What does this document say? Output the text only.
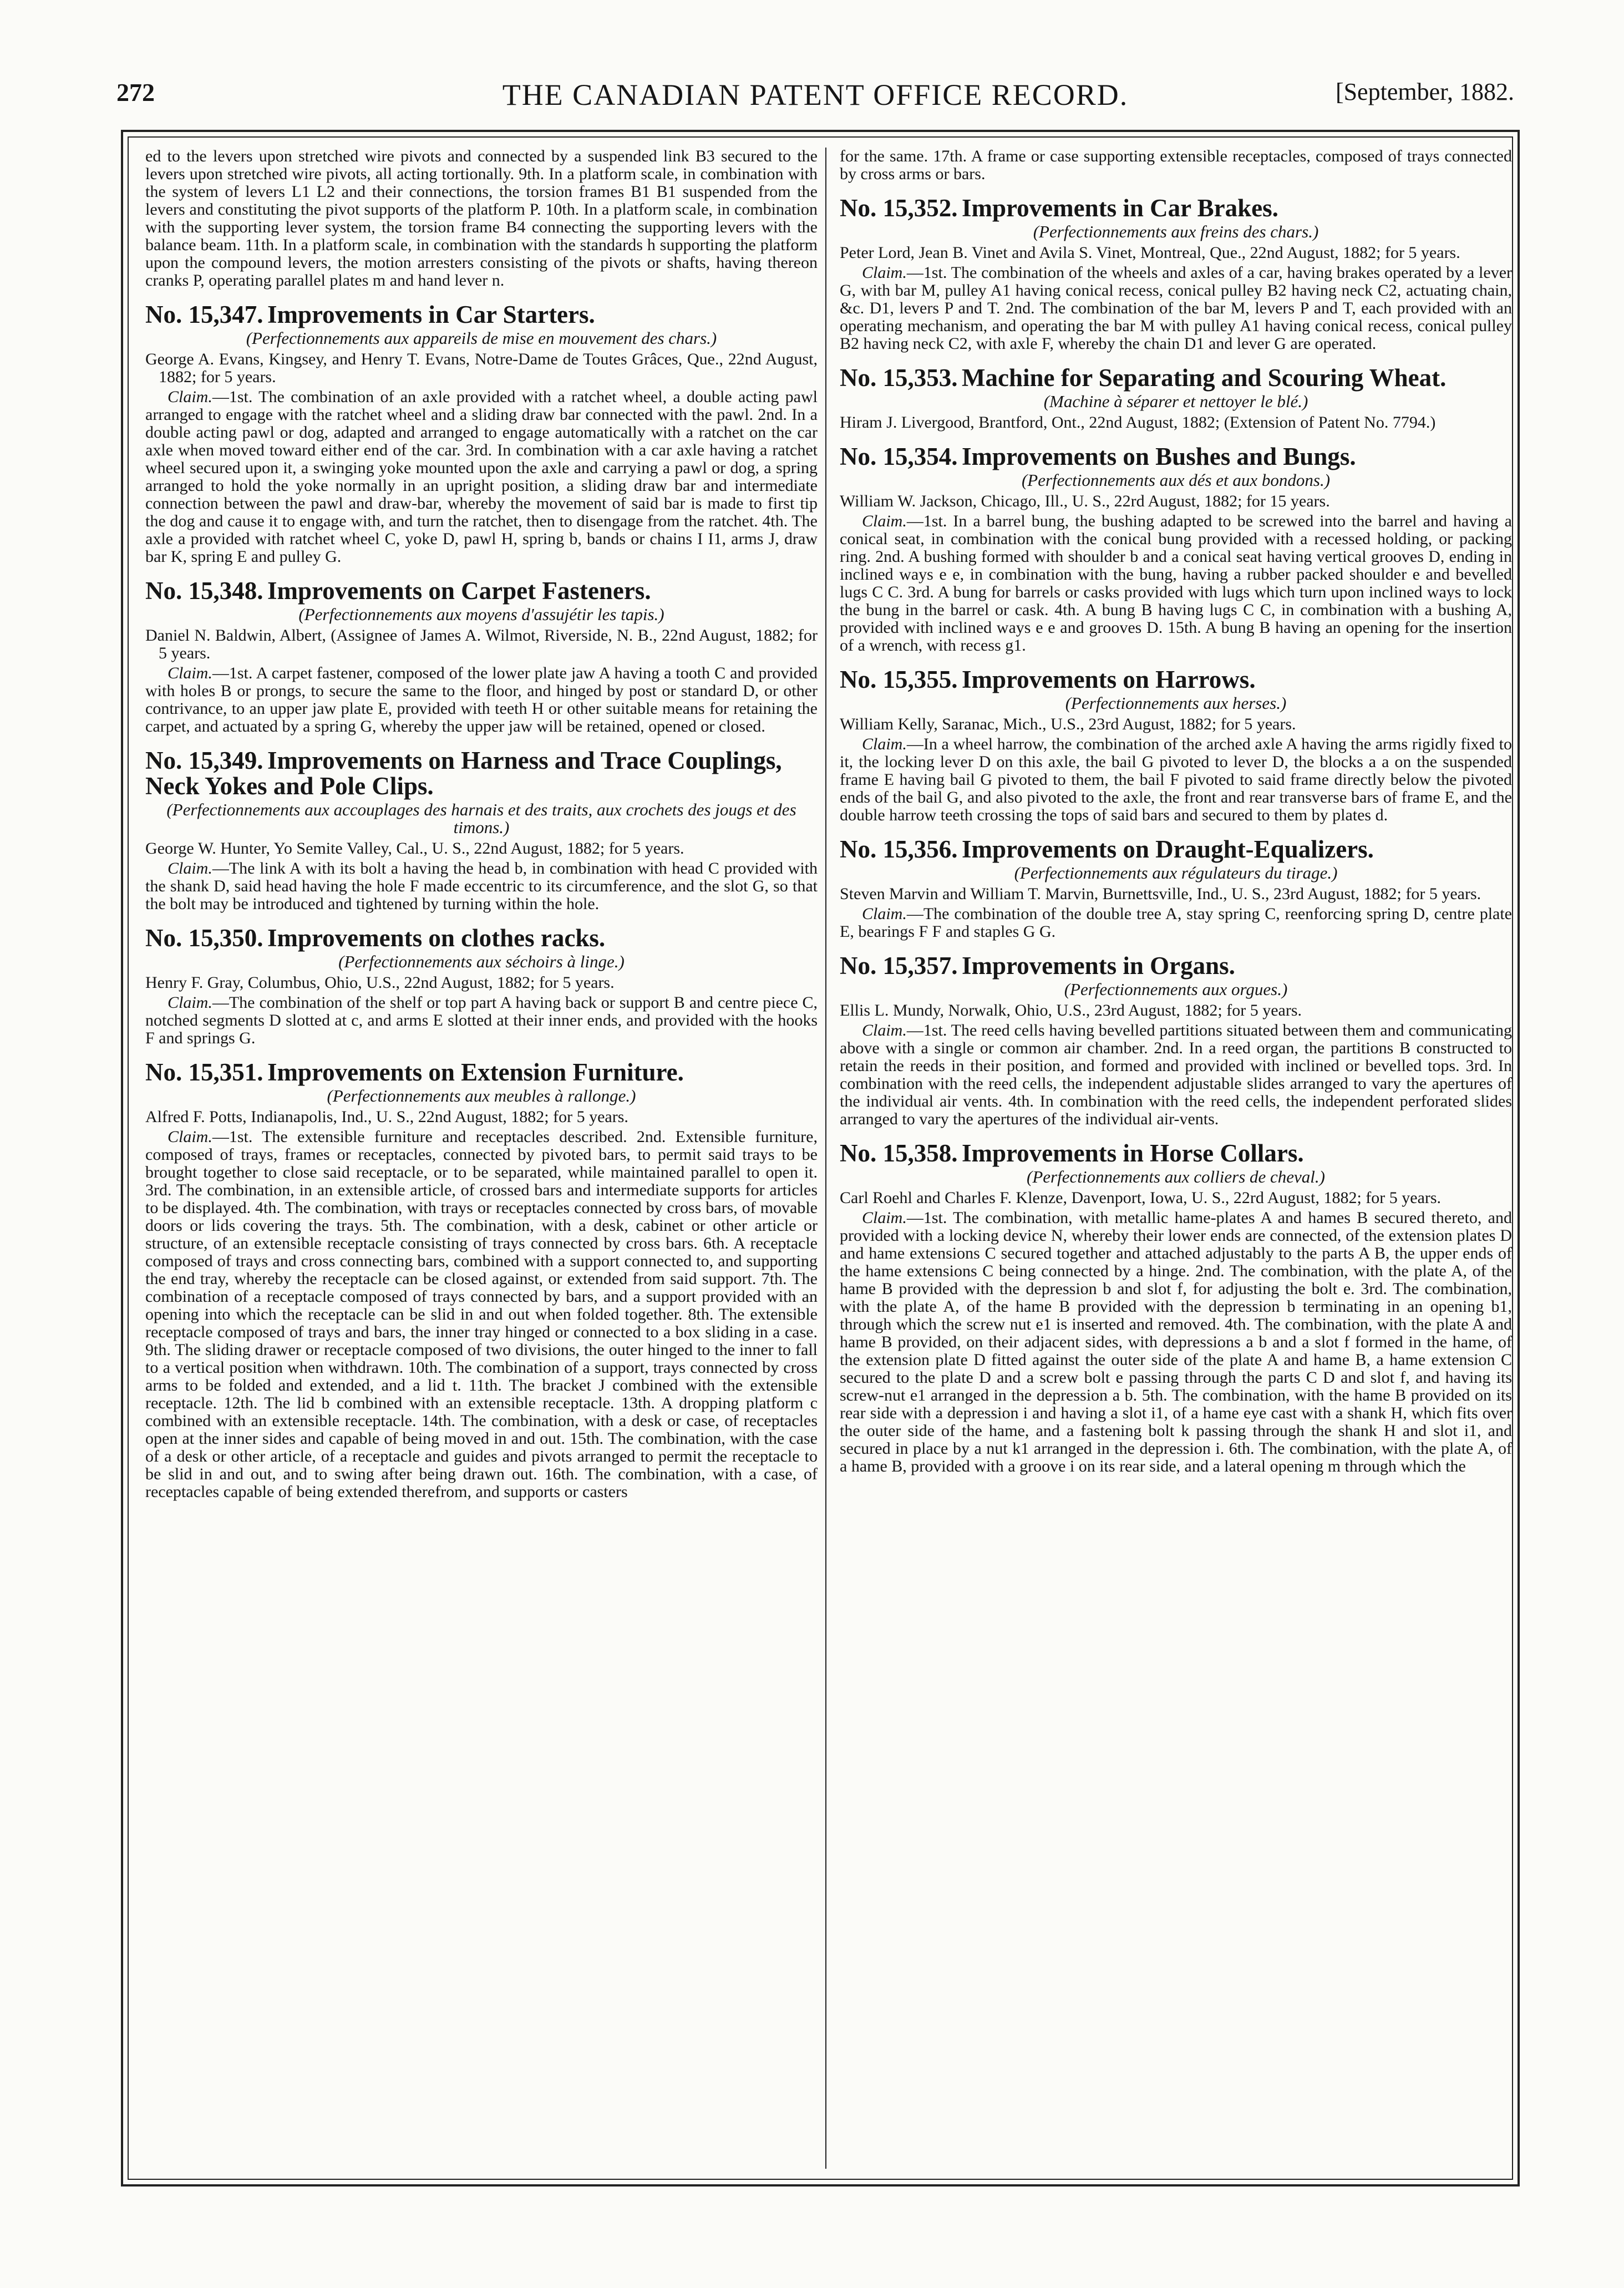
272	THE CANADIAN PATENT OFFICE RECORD.	[September, 1882.

ed to the levers upon stretched wire pivots and connected by a suspended link B3 secured to the levers upon stretched wire pivots, all acting tortionally. 9th. In a platform scale, in combination with the system of levers L1 L2 and their connections, the torsion frames B1 B1 suspended from the levers and constituting the pivot supports of the platform P. 10th. In a platform scale, in combination with the supporting lever system, the torsion frame B4 connecting the supporting levers with the balance beam. 11th. In a platform scale, in combination with the standards h supporting the platform upon the compound levers, the motion arresters consisting of the pivots or shafts, having thereon cranks P, operating parallel plates m and hand lever n.

No. 15,347. Improvements in Car Starters.

(Perfectionnements aux appareils de mise en mouvement des chars.)

George A. Evans, Kingsey, and Henry T. Evans, Notre-Dame de Toutes Grâces, Que., 22nd August, 1882; for 5 years.

Claim.—1st. The combination of an axle provided with a ratchet wheel, a double acting pawl arranged to engage with the ratchet wheel and a sliding draw bar connected with the pawl. 2nd. In a double acting pawl or dog, adapted and arranged to engage automatically with a ratchet on the car axle when moved toward either end of the car. 3rd. In combination with a car axle having a ratchet wheel secured upon it, a swinging yoke mounted upon the axle and carrying a pawl or dog, a spring arranged to hold the yoke normally in an upright position, a sliding draw bar and intermediate connection between the pawl and draw-bar, whereby the movement of said bar is made to first tip the dog and cause it to engage with, and turn the ratchet, then to disengage from the ratchet. 4th. The axle a provided with ratchet wheel C, yoke D, pawl H, spring b, bands or chains I I1, arms J, draw bar K, spring E and pulley G.

No. 15,348. Improvements on Carpet Fasteners.

(Perfectionnements aux moyens d'assujétir les tapis.)

Daniel N. Baldwin, Albert, (Assignee of James A. Wilmot, Riverside, N. B., 22nd August, 1882; for 5 years.

Claim.—1st. A carpet fastener, composed of the lower plate jaw A having a tooth C and provided with holes B or prongs, to secure the same to the floor, and hinged by post or standard D, or other contrivance, to an upper jaw plate E, provided with teeth H or other suitable means for retaining the carpet, and actuated by a spring G, whereby the upper jaw will be retained, opened or closed.

No. 15,349. Improvements on Harness and Trace Couplings, Neck Yokes and Pole Clips.

(Perfectionnements aux accouplages des harnais et des traits, aux crochets des jougs et des timons.)

George W. Hunter, Yo Semite Valley, Cal., U. S., 22nd August, 1882; for 5 years.

Claim.—The link A with its bolt a having the head b, in combination with head C provided with the shank D, said head having the hole F made eccentric to its circumference, and the slot G, so that the bolt may be introduced and tightened by turning within the hole.

No. 15,350. Improvements on clothes racks.

(Perfectionnements aux séchoirs à linge.)

Henry F. Gray, Columbus, Ohio, U.S., 22nd August, 1882; for 5 years.

Claim.—The combination of the shelf or top part A having back or support B and centre piece C, notched segments D slotted at c, and arms E slotted at their inner ends, and provided with the hooks F and springs G.

No. 15,351. Improvements on Extension Furniture.

(Perfectionnements aux meubles à rallonge.)

Alfred F. Potts, Indianapolis, Ind., U. S., 22nd August, 1882; for 5 years.

Claim.—1st. The extensible furniture and receptacles described. 2nd. Extensible furniture, composed of trays, frames or receptacles, connected by pivoted bars, to permit said trays to be brought together to close said receptacle, or to be separated, while maintained parallel to open it. 3rd. The combination, in an extensible article, of crossed bars and intermediate supports for articles to be displayed. 4th. The combination, with trays or receptacles connected by cross bars, of movable doors or lids covering the trays. 5th. The combination, with a desk, cabinet or other article or structure, of an extensible receptacle consisting of trays connected by cross bars. 6th. A receptacle composed of trays and cross connecting bars, combined with a support connected to, and supporting the end tray, whereby the receptacle can be closed against, or extended from said support. 7th. The combination of a receptacle composed of trays connected by bars, and a support provided with an opening into which the receptacle can be slid in and out when folded together. 8th. The extensible receptacle composed of trays and bars, the inner tray hinged or connected to a box sliding in a case. 9th. The sliding drawer or receptacle composed of two divisions, the outer hinged to the inner to fall to a vertical position when withdrawn. 10th. The combination of a support, trays connected by cross arms to be folded and extended, and a lid t. 11th. The bracket J combined with the extensible receptacle. 12th. The lid b combined with an extensible receptacle. 13th. A dropping platform c combined with an extensible receptacle. 14th. The combination, with a desk or case, of receptacles open at the inner sides and capable of being moved in and out. 15th. The combination, with the case of a desk or other article, of a receptacle and guides and pivots arranged to permit the receptacle to be slid in and out, and to swing after being drawn out. 16th. The combination, with a case, of receptacles capable of being extended therefrom, and supports or casters

for the same. 17th. A frame or case supporting extensible receptacles, composed of trays connected by cross arms or bars.

No. 15,352. Improvements in Car Brakes.

(Perfectionnements aux freins des chars.)

Peter Lord, Jean B. Vinet and Avila S. Vinet, Montreal, Que., 22nd August, 1882; for 5 years.

Claim.—1st. The combination of the wheels and axles of a car, having brakes operated by a lever G, with bar M, pulley A1 having conical recess, conical pulley B2 having neck C2, actuating chain, &c. D1, levers P and T. 2nd. The combination of the bar M, levers P and T, each provided with an operating mechanism, and operating the bar M with pulley A1 having conical recess, conical pulley B2 having neck C2, with axle F, whereby the chain D1 and lever G are operated.

No. 15,353. Machine for Separating and Scouring Wheat.

(Machine à séparer et nettoyer le blé.)

Hiram J. Livergood, Brantford, Ont., 22nd August, 1882; (Extension of Patent No. 7794.)

No. 15,354. Improvements on Bushes and Bungs.

(Perfectionnements aux dés et aux bondons.)

William W. Jackson, Chicago, Ill., U. S., 22rd August, 1882; for 15 years.

Claim.—1st. In a barrel bung, the bushing adapted to be screwed into the barrel and having a conical seat, in combination with the conical bung provided with a recessed holding, or packing ring. 2nd. A bushing formed with shoulder b and a conical seat having vertical grooves D, ending in inclined ways e e, in combination with the bung, having a rubber packed shoulder e and bevelled lugs C C. 3rd. A bung for barrels or casks provided with lugs which turn upon inclined ways to lock the bung in the barrel or cask. 4th. A bung B having lugs C C, in combination with a bushing A, provided with inclined ways e e and grooves D. 15th. A bung B having an opening for the insertion of a wrench, with recess g1.

No. 15,355. Improvements on Harrows.

(Perfectionnements aux herses.)

William Kelly, Saranac, Mich., U.S., 23rd August, 1882; for 5 years.

Claim.—In a wheel harrow, the combination of the arched axle A having the arms rigidly fixed to it, the locking lever D on this axle, the bail G pivoted to lever D, the blocks a a on the suspended frame E having bail G pivoted to them, the bail F pivoted to said frame directly below the pivoted ends of the bail G, and also pivoted to the axle, the front and rear transverse bars of frame E, and the double harrow teeth crossing the tops of said bars and secured to them by plates d.

No. 15,356. Improvements on Draught-Equalizers.

(Perfectionnements aux régulateurs du tirage.)

Steven Marvin and William T. Marvin, Burnettsville, Ind., U. S., 23rd August, 1882; for 5 years.

Claim.—The combination of the double tree A, stay spring C, reenforcing spring D, centre plate E, bearings F F and staples G G.

No. 15,357. Improvements in Organs.

(Perfectionnements aux orgues.)

Ellis L. Mundy, Norwalk, Ohio, U.S., 23rd August, 1882; for 5 years.

Claim.—1st. The reed cells having bevelled partitions situated between them and communicating above with a single or common air chamber. 2nd. In a reed organ, the partitions B constructed to retain the reeds in their position, and formed and provided with inclined or bevelled tops. 3rd. In combination with the reed cells, the independent adjustable slides arranged to vary the apertures of the individual air vents. 4th. In combination with the reed cells, the independent perforated slides arranged to vary the apertures of the individual air-vents.

No. 15,358. Improvements in Horse Collars.

(Perfectionnements aux colliers de cheval.)

Carl Roehl and Charles F. Klenze, Davenport, Iowa, U. S., 22rd August, 1882; for 5 years.

Claim.—1st. The combination, with metallic hame-plates A and hames B secured thereto, and provided with a locking device N, whereby their lower ends are connected, of the extension plates D and hame extensions C secured together and attached adjustably to the parts A B, the upper ends of the hame extensions C being connected by a hinge. 2nd. The combination, with the plate A, of the hame B provided with the depression b and slot f, for adjusting the bolt e. 3rd. The combination, with the plate A, of the hame B provided with the depression b terminating in an opening b1, through which the screw nut e1 is inserted and removed. 4th. The combination, with the plate A and hame B provided, on their adjacent sides, with depressions a b and a slot f formed in the hame, of the extension plate D fitted against the outer side of the plate A and hame B, a hame extension C secured to the plate D and a screw bolt e passing through the parts C D and slot f, and having its screw-nut e1 arranged in the depression a b. 5th. The combination, with the hame B provided on its rear side with a depression i and having a slot i1, of a hame eye cast with a shank H, which fits over the outer side of the hame, and a fastening bolt k passing through the shank H and slot i1, and secured in place by a nut k1 arranged in the depression i. 6th. The combination, with the plate A, of a hame B, provided with a groove i on its rear side, and a lateral opening m through which the
